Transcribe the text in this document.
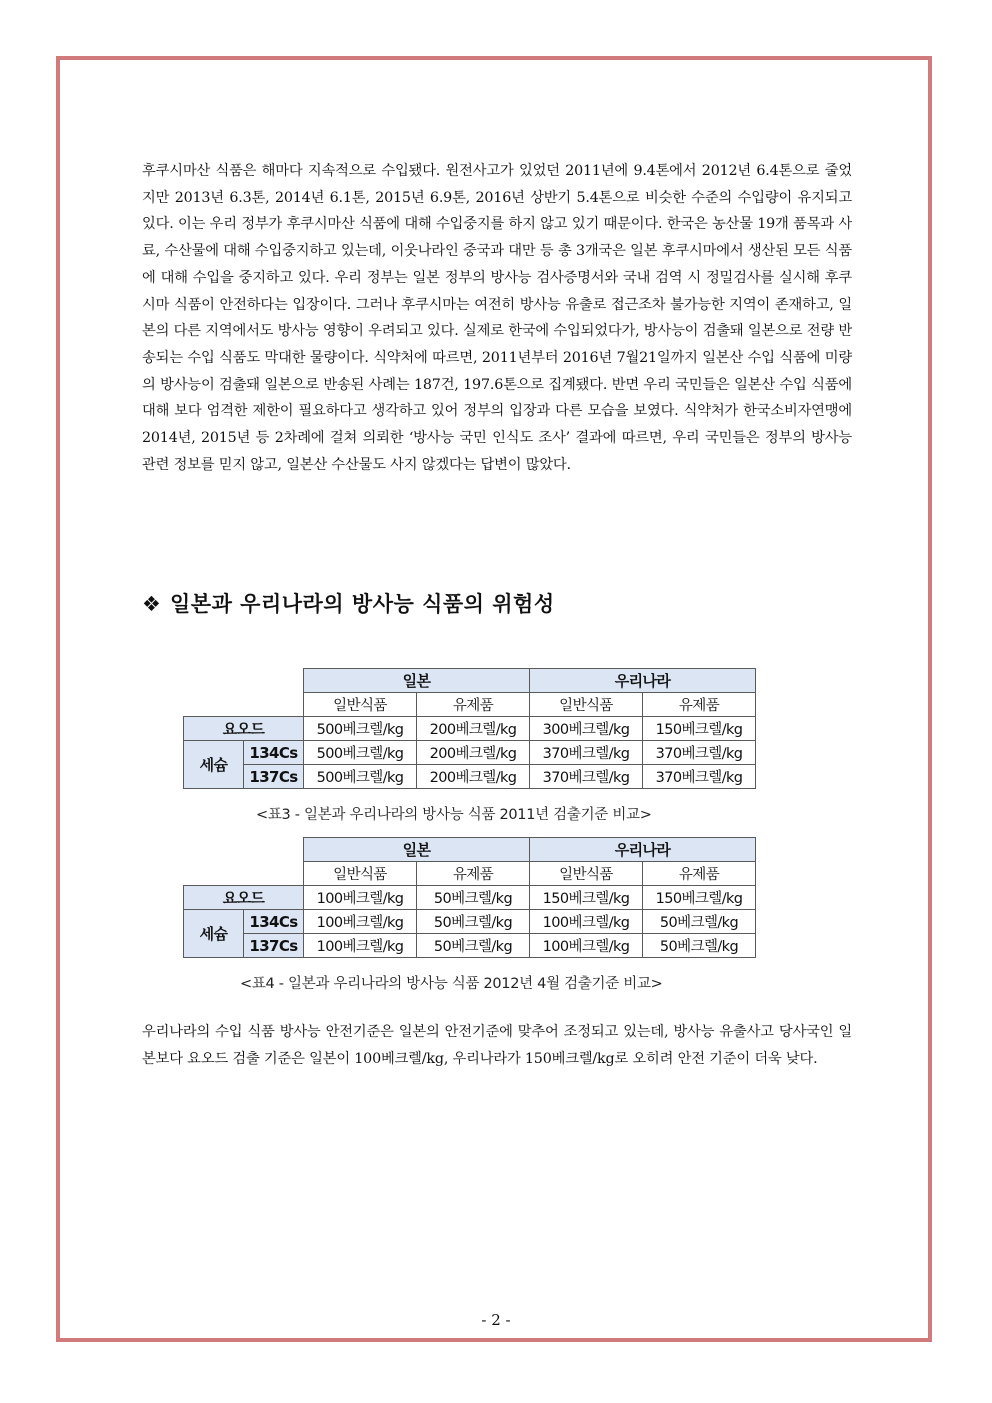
후쿠시마산 식품은 해마다 지속적으로 수입됐다. 원전사고가 있었던 2011년에 9.4톤에서 2012년 6.4톤으로 줄었지만 2013년 6.3톤, 2014년 6.1톤, 2015년 6.9톤, 2016년 상반기 5.4톤으로 비슷한 수준의 수입량이 유지되고 있다. 이는 우리 정부가 후쿠시마산 식품에 대해 수입중지를 하지 않고 있기 때문이다. 한국은 농산물 19개 품목과 사료, 수산물에 대해 수입중지하고 있는데, 이웃나라인 중국과 대만 등 총 3개국은 일본 후쿠시마에서 생산된 모든 식품에 대해 수입을 중지하고 있다. 우리 정부는 일본 정부의 방사능 검사증명서와 국내 검역 시 정밀검사를 실시해 후쿠시마 식품이 안전하다는 입장이다. 그러나 후쿠시마는 여전히 방사능 유출로 접근조차 불가능한 지역이 존재하고, 일본의 다른 지역에서도 방사능 영향이 우려되고 있다. 실제로 한국에 수입되었다가, 방사능이 검출돼 일본으로 전량 반송되는 수입 식품도 막대한 물량이다. 식약처에 따르면, 2011년부터 2016년 7월21일까지 일본산 수입 식품에 미량의 방사능이 검출돼 일본으로 반송된 사례는 187건, 197.6톤으로 집계됐다. 반면 우리 국민들은 일본산 수입 식품에 대해 보다 엄격한 제한이 필요하다고 생각하고 있어 정부의 입장과 다른 모습을 보였다. 식약처가 한국소비자연맹에 2014년, 2015년 등 2차례에 걸쳐 의뢰한 ‘방사능 국민 인식도 조사’ 결과에 따르면, 우리 국민들은 정부의 방사능 관련 정보를 믿지 않고, 일본산 수산물도 사지 않겠다는 답변이 많았다.

❖ 일본과 우리나라의 방사능 식품의 위험성
		일본		우리나라	
		일반식품	유제품	일반식품	유제품
요오드		500베크렐/kg	200베크렐/kg	300베크렐/kg	150베크렐/kg
세슘	134Cs	500베크렐/kg	200베크렐/kg	370베크렐/kg	370베크렐/kg
	137Cs	500베크렐/kg	200베크렐/kg	370베크렐/kg	370베크렐/kg
<표3 - 일본과 우리나라의 방사능 식품 2011년 검출기준 비교>
		일본		우리나라	
		일반식품	유제품	일반식품	유제품
요오드		100베크렐/kg	50베크렐/kg	150베크렐/kg	150베크렐/kg
세슘	134Cs	100베크렐/kg	50베크렐/kg	100베크렐/kg	50베크렐/kg
	137Cs	100베크렐/kg	50베크렐/kg	100베크렐/kg	50베크렐/kg
<표4 - 일본과 우리나라의 방사능 식품 2012년 4월 검출기준 비교>

우리나라의 수입 식품 방사능 안전기준은 일본의 안전기준에 맞추어 조정되고 있는데, 방사능 유출사고 당사국인 일본보다 요오드 검출 기준은 일본이 100베크렐/kg, 우리나라가 150베크렐/kg로 오히려 안전 기준이 더욱 낮다.

- 2 -
